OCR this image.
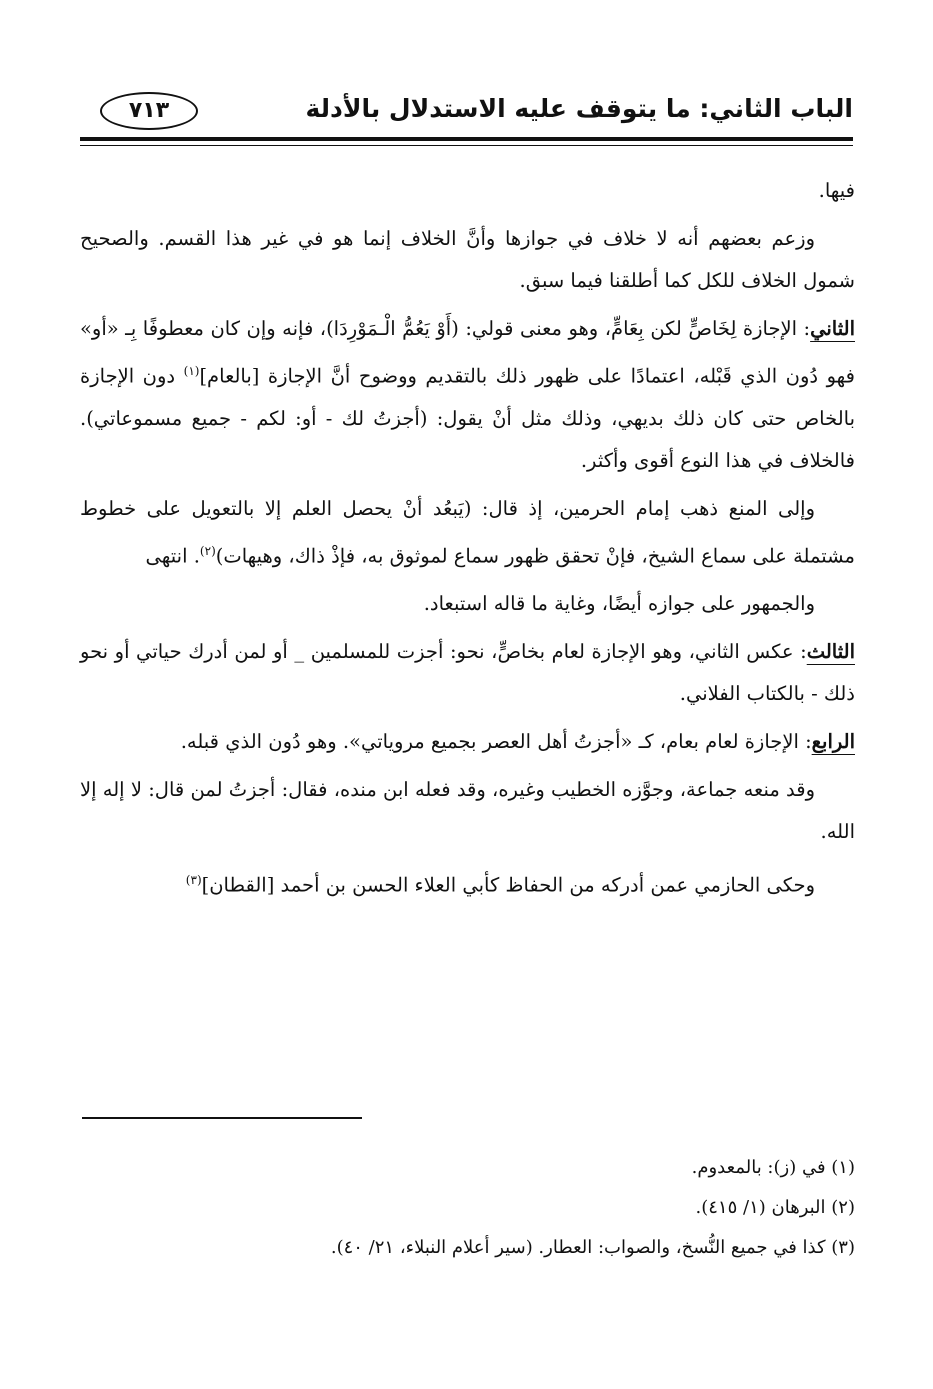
الباب الثاني: ما يتوقف عليه الاستدلال بالأدلة
٧١٣

فيها.

وزعم بعضهم أنه لا خلاف في جوازها وأنَّ الخلاف إنما هو في غير هذا القسم. والصحيح شمول الخلاف للكل كما أطلقنا فيما سبق.

الثاني: الإجازة لِخَاصٍّ لكن بِعَامٍّ، وهو معنى قولي: (أَوْ يَعُمُّ الْـمَوْرِدَا)، فإنه وإن كان معطوفًا بِـ «أو» فهو دُون الذي قَبْله، اعتمادًا على ظهور ذلك بالتقديم ووضوح أنَّ الإجازة [بالعام]$^{(١)}$ دون الإجازة بالخاص حتى كان ذلك بديهي، وذلك مثل أنْ يقول: (أجزتُ لك - أو: لكم - جميع مسموعاتي). فالخلاف في هذا النوع أقوى وأكثر.

وإلى المنع ذهب إمام الحرمين، إذ قال: (يَبعُد أنْ يحصل العلم إلا بالتعويل على خطوط مشتملة على سماع الشيخ، فإنْ تحقق ظهور سماع لموثوق به، فإذْ ذاك، وهيهات)$^{(٢)}$. انتهى

والجمهور على جوازه أيضًا، وغاية ما قاله استبعاد.

الثالث: عكس الثاني، وهو الإجازة لعام بخاصٍّ، نحو: أجزت للمسلمين _ أو لمن أدرك حياتي أو نحو ذلك - بالكتاب الفلاني.

الرابع: الإجازة لعام بعام، كـ «أجزتُ أهل العصر بجميع مروياتي». وهو دُون الذي قبله.

وقد منعه جماعة، وجوَّزه الخطيب وغيره، وقد فعله ابن منده، فقال: أجزتُ لمن قال: لا إله إلا الله.

وحكى الحازمي عمن أدركه من الحفاظ كأبي العلاء الحسن بن أحمد [القطان]$^{(٣)}$

(١) في (ز): بالمعدوم.

(٢) البرهان (١/ ٤١٥).

(٣) كذا في جميع النُّسخ، والصواب: العطار. (سير أعلام النبلاء، ٢١/ ٤٠).
